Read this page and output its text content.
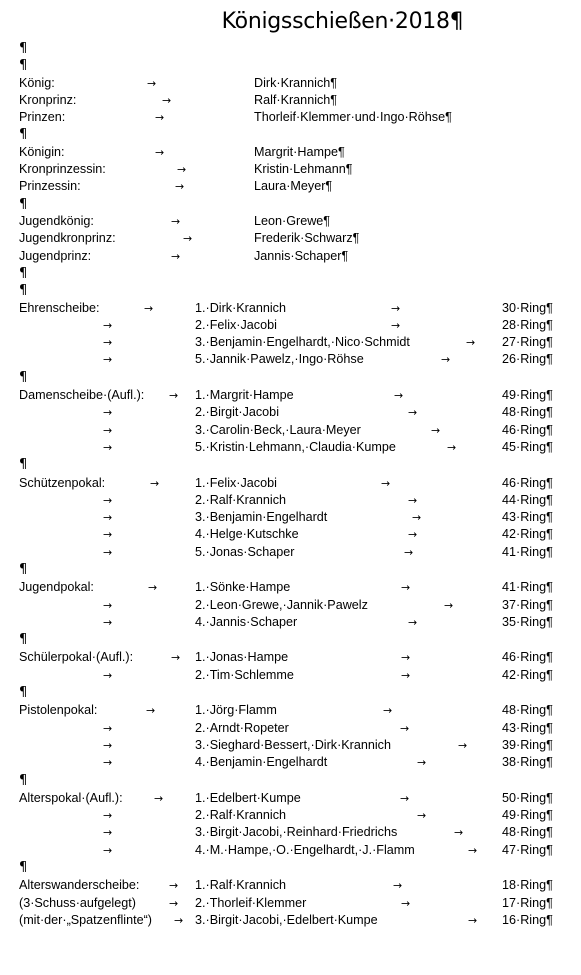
Königsschießen·2018¶
¶
¶
König:	→	Dirk·Krannich¶
Kronprinz:	→	Ralf·Krannich¶
Prinzen:	→	Thorleif·Klemmer·und·Ingo·Röhse¶
¶
Königin:	→	Margrit·Hampe¶
Kronprinzessin:	→	Kristin·Lehmann¶
Prinzessin:	→	Laura·Meyer¶
¶
Jugendkönig:	→	Leon·Grewe¶
Jugendkronprinz:	→	Frederik·Schwarz¶
Jugendprinz:	→	Jannis·Schaper¶
¶
¶
Ehrenscheibe:	→	1.·Dirk·Krannich	→	30·Ring¶
→	2.·Felix·Jacobi	→	28·Ring¶
→	3.·Benjamin·Engelhardt,·Nico·Schmidt	→ 27·Ring¶
→	5.·Jannik·Pawelz,·Ingo·Röhse	→	26·Ring¶
¶
Damenscheibe·(Aufl.): → 1.·Margrit·Hampe	→	49·Ring¶
→	2.·Birgit·Jacobi	→	48·Ring¶
→	3.·Carolin·Beck,·Laura·Meyer	→	46·Ring¶
→	5.·Kristin·Lehmann,·Claudia·Kumpe	→	45·Ring¶
¶
Schützenpokal:	→	1.·Felix·Jacobi	→	46·Ring¶
→	2.·Ralf·Krannich	→	44·Ring¶
→	3.·Benjamin·Engelhardt	→	43·Ring¶
→	4.·Helge·Kutschke	→	42·Ring¶
→	5.·Jonas·Schaper	→	41·Ring¶
¶
Jugendpokal:	→	1.·Sönke·Hampe	→	41·Ring¶
→	2.·Leon·Grewe,·Jannik·Pawelz	→	37·Ring¶
→	4.·Jannis·Schaper	→	35·Ring¶
¶
Schülerpokal·(Aufl.):	→ 1.·Jonas·Hampe	→	46·Ring¶
→	2.·Tim·Schlemme	→	42·Ring¶
¶
Pistolenpokal:	→	1.·Jörg·Flamm	→	48·Ring¶
→	2.·Arndt·Ropeter	→	43·Ring¶
→	3.·Sieghard·Bessert,·Dirk·Krannich	→	39·Ring¶
→	4.·Benjamin·Engelhardt	→	38·Ring¶
¶
Alterspokal·(Aufl.):	→	1.·Edelbert·Kumpe	→	50·Ring¶
→	2.·Ralf·Krannich	→	49·Ring¶
→	3.·Birgit·Jacobi,·Reinhard·Friedrichs	→	48·Ring¶
→	4.·M.·Hampe,·O.·Engelhardt,·J.·Flamm	→ 47·Ring¶
¶
Alterswanderscheibe:	→ 1.·Ralf·Krannich	→	18·Ring¶
(3·Schuss·aufgelegt)	→ 2.·Thorleif·Klemmer	→	17·Ring¶
(mit·der·„Spatzenflinte“) → 3.·Birgit·Jacobi,·Edelbert·Kumpe	→ 16·Ring¶
